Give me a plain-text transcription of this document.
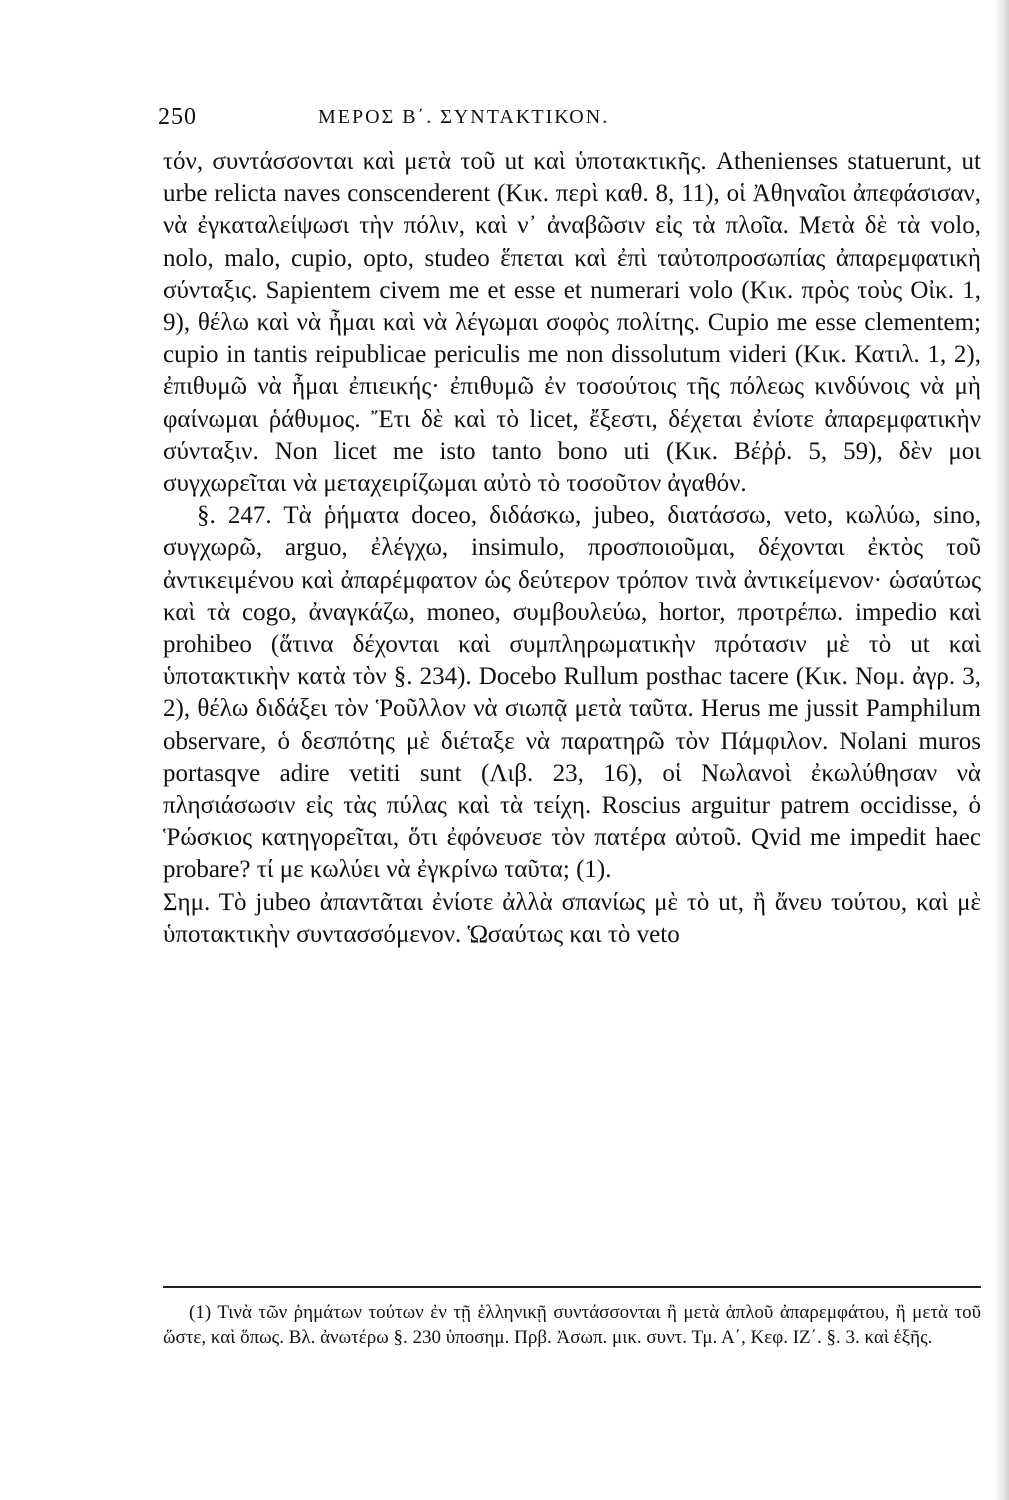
250	ΜΕΡΟΣ Β΄. ΣΥΝΤΑΚΤΙΚΟΝ.

τόν, συντάσσονται καὶ μετὰ τοῦ ut καὶ ὑποτακτικῆς. Athenienses statuerunt, ut urbe relicta naves conscenderent (Κικ. περὶ καθ. 8, 11), οἱ Ἀθηναῖοι ἀπεφάσισαν, νὰ ἐγκαταλείψωσι τὴν πόλιν, καὶ ν᾽ ἀναβῶσιν εἰς τὰ πλοῖα. Μετὰ δὲ τὰ volo, nolo, malo, cupio, opto, studeo ἕπεται καὶ ἐπὶ ταὐτοπροσωπίας ἀπαρεμφατικὴ σύνταξις. Sapientem civem me et esse et numerari volo (Κικ. πρὸς τοὺς Οἰκ. 1, 9), θέλω καὶ νὰ ἦμαι καὶ νὰ λέγωμαι σοφὸς πολίτης. Cupio me esse clementem; cupio in tantis reipublicae periculis me non dissolutum videri (Κικ. Κατιλ. 1, 2), ἐπιθυμῶ νὰ ἦμαι ἐπιεικής· ἐπιθυμῶ ἐν τοσούτοις τῆς πόλεως κινδύνοις νὰ μὴ φαίνωμαι ῥάθυμος. Ἔτι δὲ καὶ τὸ licet, ἔξεστι, δέχεται ἐνίοτε ἀπαρεμφατικὴν σύνταξιν. Non licet me isto tanto bono uti (Κικ. Βέῤῥ. 5, 59), δὲν μοι συγχωρεῖται νὰ μεταχειρίζωμαι αὐτὸ τὸ τοσοῦτον ἀγαθόν.

§. 247. Τὰ ῥήματα doceo, διδάσκω, jubeo, διατάσσω, veto, κωλύω, sino, συγχωρῶ, arguo, ἐλέγχω, insimulo, προσποιοῦμαι, δέχονται ἐκτὸς τοῦ ἀντικειμένου καὶ ἀπαρέμφατον ὡς δεύτερον τρόπον τινὰ ἀντικείμενον· ὡσαύτως καὶ τὰ cogo, ἀναγκάζω, moneo, συμβουλεύω, hortor, προτρέπω. impedio καὶ prohibeo (ἅτινα δέχονται καὶ συμπληρωματικὴν πρότασιν μὲ τὸ ut καὶ ὑποτακτικὴν κατὰ τὸν §. 234). Docebo Rullum posthac tacere (Κικ. Νομ. ἀγρ. 3, 2), θέλω διδάξει τὸν Ῥοῦλλον νὰ σιωπᾷ μετὰ ταῦτα. Herus me jussit Pamphilum observare, ὁ δεσπότης μὲ διέταξε νὰ παρατηρῶ τὸν Πάμφιλον. Nolani muros portasqve adire vetiti sunt (Λιβ. 23, 16), οἱ Νωλανοὶ ἐκωλύθησαν νὰ πλησιάσωσιν εἰς τὰς πύλας καὶ τὰ τείχη. Roscius arguitur patrem occidisse, ὁ Ῥώσκιος κατηγορεῖται, ὅτι ἐφόνευσε τὸν πατέρα αὐτοῦ. Qvid me impedit haec probare? τί με κωλύει νὰ ἐγκρίνω ταῦτα; (1).

Σημ. Τὸ jubeo ἀπαντᾶται ἐνίοτε ἀλλὰ σπανίως μὲ τὸ ut, ἢ ἄνευ τούτου, καὶ μὲ ὑποτακτικὴν συντασσόμενον. Ὡσαύτως και τὸ veto

(1) Τινὰ τῶν ῥημάτων τούτων ἐν τῇ ἑλληνικῇ συντάσσονται ἢ μετὰ ἁπλοῦ ἀπαρεμφάτου, ἢ μετὰ τοῦ ὥστε, καὶ ὅπως. Βλ. ἀνωτέρω §. 230 ὑποσημ. Πρβ. Ἀσωπ. μικ. συντ. Τμ. Α΄, Κεφ. ΙΖ΄. §. 3. καὶ ἑξῆς.
